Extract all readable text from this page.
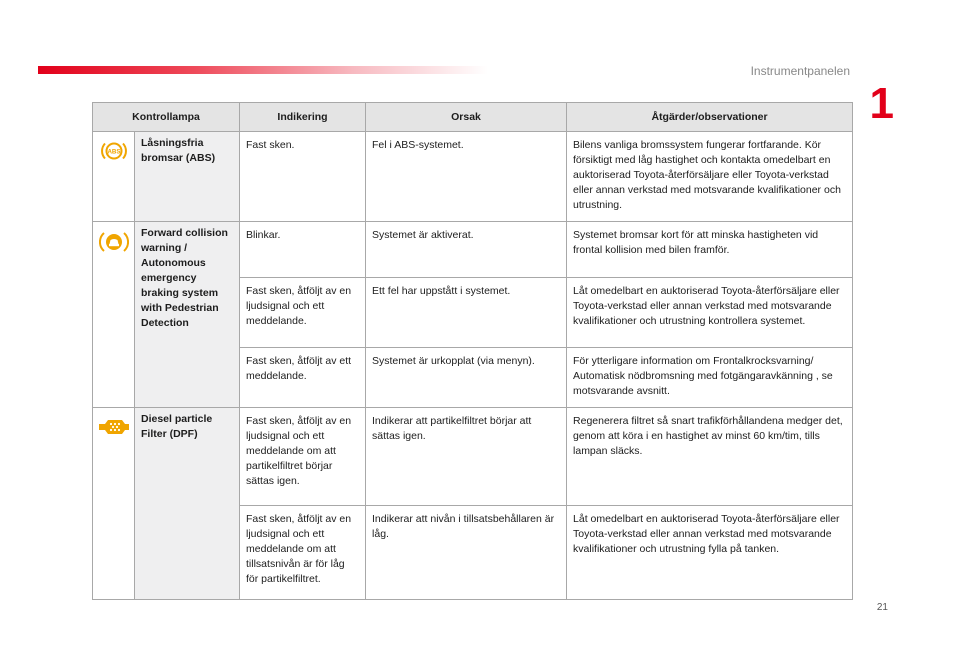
Instrumentpanelen
1
Kontrollampa		Indikering	Orsak	Åtgärder/observationer

ABS	Låsningsfria bromsar (ABS)	Fast sken.	Fel i ABS-systemet.	Bilens vanliga bromssystem fungerar fortfarande. Kör försiktigt med låg hastighet och kontakta omedelbart en auktoriserad Toyota-återförsäljare eller Toyota-verkstad eller annan verkstad med motsvarande kvalifikationer och utrustning.
	Forward collision warning / Autonomous emergency braking system with Pedestrian Detection	Blinkar.	Systemet är aktiverat.	Systemet bromsar kort för att minska hastigheten vid frontal kollision med bilen framför.
		Fast sken, åtföljt av en ljudsignal och ett meddelande.	Ett fel har uppstått i systemet.	Låt omedelbart en auktoriserad Toyota-återförsäljare eller Toyota-verkstad eller annan verkstad med motsvarande kvalifikationer och utrustning kontrollera systemet.
		Fast sken, åtföljt av ett meddelande.	Systemet är urkopplat (via menyn).	För ytterligare information om Frontalkrocksvarning/ Automatisk nödbromsning med fotgängaravkänning , se motsvarande avsnitt.
	Diesel particle Filter (DPF)	Fast sken, åtföljt av en ljudsignal och ett meddelande om att partikelfiltret börjar sättas igen.	Indikerar att partikelfiltret börjar att sättas igen.	Regenerera filtret så snart trafikförhållandena medger det, genom att köra i en hastighet av minst 60 km/tim, tills lampan släcks.
		Fast sken, åtföljt av en ljudsignal och ett meddelande om att tillsatsnivån är för låg för partikelfiltret.	Indikerar att nivån i tillsatsbehållaren är låg.	Låt omedelbart en auktoriserad Toyota-återförsäljare eller Toyota-verkstad eller annan verkstad med motsvarande kvalifikationer och utrustning fylla på tanken.
21
